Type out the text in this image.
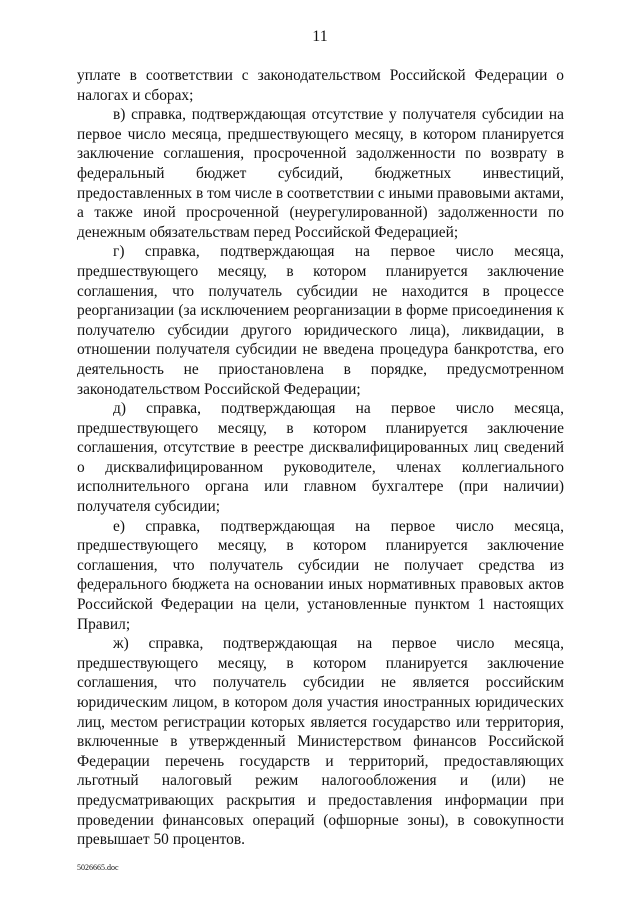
11

уплате в соответствии с законодательством Российской Федерации о налогах и сборах;

в) справка, подтверждающая отсутствие у получателя субсидии на первое число месяца, предшествующего месяцу, в котором планируется заключение соглашения, просроченной задолженности по возврату в федеральный бюджет субсидий, бюджетных инвестиций, предоставленных в том числе в соответствии с иными правовыми актами, а также иной просроченной (неурегулированной) задолженности по денежным обязательствам перед Российской Федерацией;

г) справка, подтверждающая на первое число месяца, предшествующего месяцу, в котором планируется заключение соглашения, что получатель субсидии не находится в процессе реорганизации (за исключением реорганизации в форме присоединения к получателю субсидии другого юридического лица), ликвидации, в отношении получателя субсидии не введена процедура банкротства, его деятельность не приостановлена в порядке, предусмотренном законодательством Российской Федерации;

д) справка, подтверждающая на первое число месяца, предшествующего месяцу, в котором планируется заключение соглашения, отсутствие в реестре дисквалифицированных лиц сведений о дисквалифицированном руководителе, членах коллегиального исполнительного органа или главном бухгалтере (при наличии) получателя субсидии;

е) справка, подтверждающая на первое число месяца, предшествующего месяцу, в котором планируется заключение соглашения, что получатель субсидии не получает средства из федерального бюджета на основании иных нормативных правовых актов Российской Федерации на цели, установленные пунктом 1 настоящих Правил;

ж) справка, подтверждающая на первое число месяца, предшествующего месяцу, в котором планируется заключение соглашения, что получатель субсидии не является российским юридическим лицом, в котором доля участия иностранных юридических лиц, местом регистрации которых является государство или территория, включенные в утвержденный Министерством финансов Российской Федерации перечень государств и территорий, предоставляющих льготный налоговый режим налогообложения и (или) не предусматривающих раскрытия и предоставления информации при проведении финансовых операций (офшорные зоны), в совокупности превышает 50 процентов.

5026665.doc
